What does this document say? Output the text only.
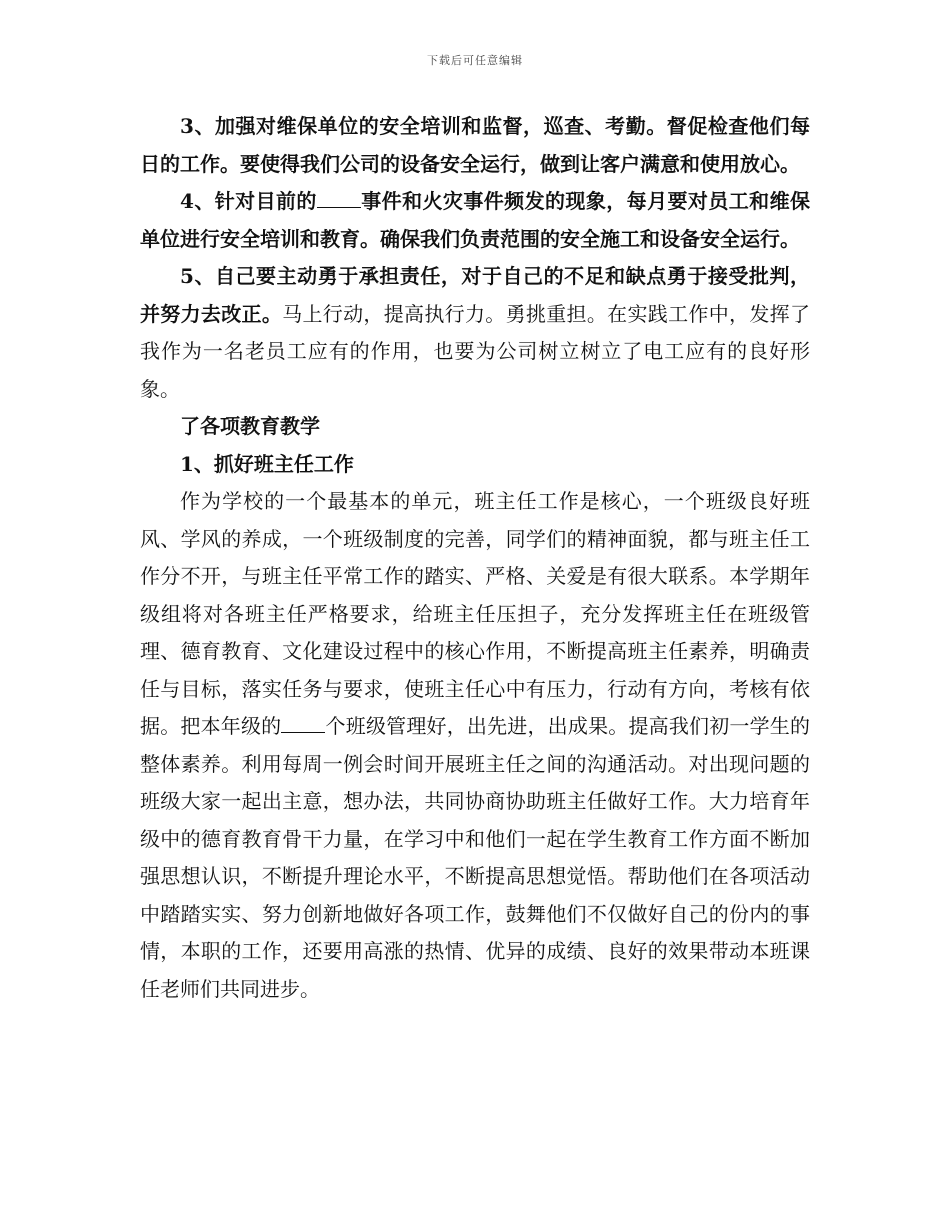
下载后可任意编辑

3、加强对维保单位的安全培训和监督，巡查、考勤。督促检查他们每日的工作。要使得我们公司的设备安全运行，做到让客户满意和使用放心。

4、针对目前的 事件和火灾事件频发的现象，每月要对员工和维保单位进行安全培训和教育。确保我们负责范围的安全施工和设备安全运行。

5、自己要主动勇于承担责任，对于自己的不足和缺点勇于接受批判，并努力去改正。马上行动，提高执行力。勇挑重担。在实践工作中，发挥了我作为一名老员工应有的作用，也要为公司树立树立了电工应有的良好形象。

了各项教育教学

1、抓好班主任工作

作为学校的一个最基本的单元，班主任工作是核心，一个班级良好班风、学风的养成，一个班级制度的完善，同学们的精神面貌，都与班主任工作分不开，与班主任平常工作的踏实、严格、关爱是有很大联系。本学期年级组将对各班主任严格要求，给班主任压担子，充分发挥班主任在班级管理、德育教育、文化建设过程中的核心作用，不断提高班主任素养，明确责任与目标，落实任务与要求，使班主任心中有压力，行动有方向，考核有依据。把本年级的 个班级管理好，出先进，出成果。提高我们初一学生的整体素养。利用每周一例会时间开展班主任之间的沟通活动。对出现问题的班级大家一起出主意，想办法，共同协商协助班主任做好工作。大力培育年级中的德育教育骨干力量，在学习中和他们一起在学生教育工作方面不断加强思想认识，不断提升理论水平，不断提高思想觉悟。帮助他们在各项活动中踏踏实实、努力创新地做好各项工作，鼓舞他们不仅做好自己的份内的事情，本职的工作，还要用高涨的热情、优异的成绩、良好的效果带动本班课任老师们共同进步。
